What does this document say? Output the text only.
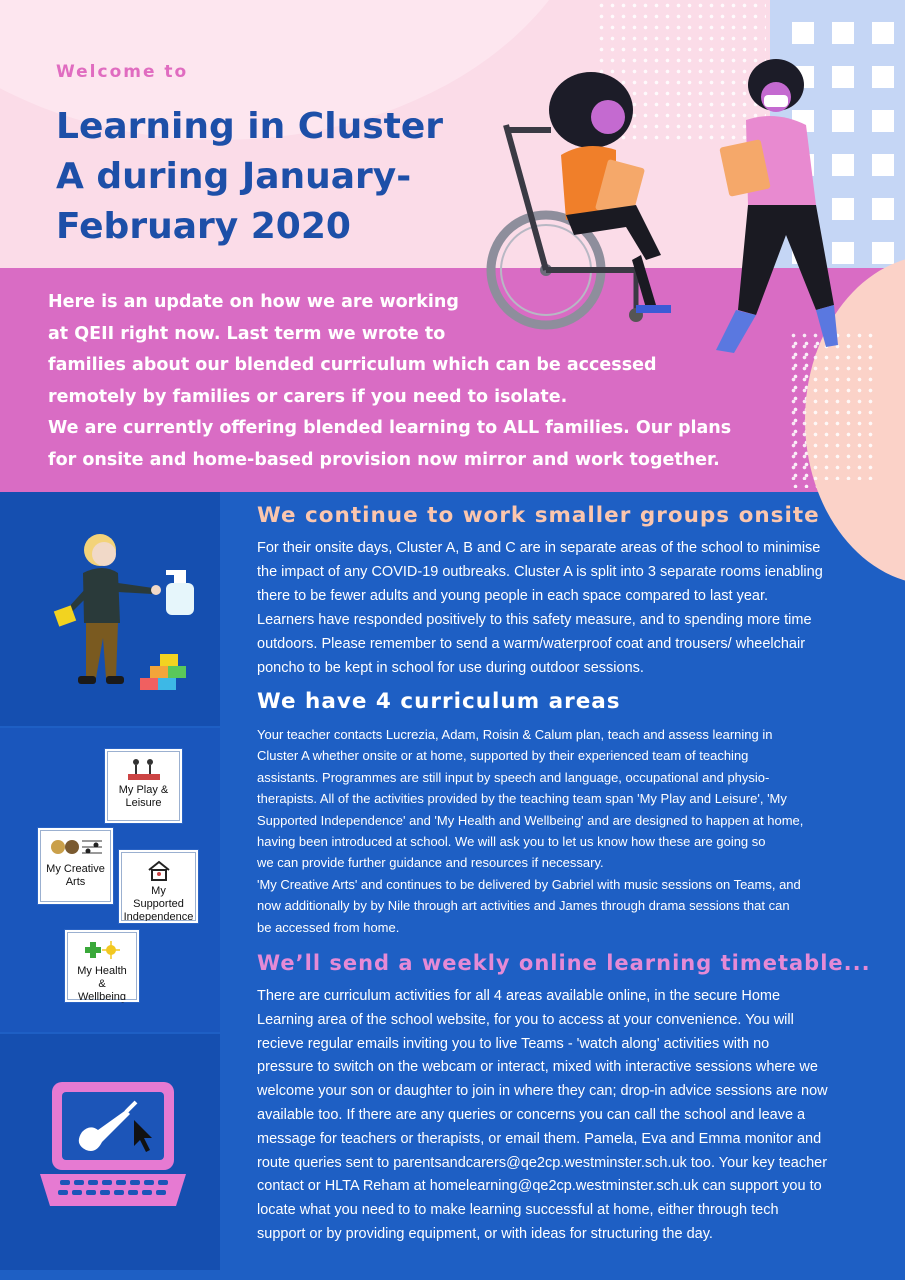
Welcome to

Learning in Cluster
A during January-
February 2020

Here is an update on how we are working
at QEII right now. Last term we wrote to
families about our blended curriculum which can be accessed
remotely by families or carers if you need to isolate.
We are currently offering blended learning to ALL families. Our plans
for onsite and home-based provision now mirror and work together.

My Play &
Leisure
My Creative
Arts
My
Supported
Independence
My Health
&
Wellbeing
We continue to work smaller groups onsite

For their onsite days, Cluster A, B and C are in separate areas of the school to minimise
the impact of any COVID-19 outbreaks. Cluster A is split into 3 separate rooms ienabling
there to be fewer adults and young people in each space compared to last year.
Learners have responded positively to this safety measure, and to spending more time
outdoors. Please remember to send a warm/waterproof coat and trousers/ wheelchair
poncho to be kept in school for use during outdoor sessions.

We have 4 curriculum areas

Your teacher contacts Lucrezia, Adam, Roisin & Calum plan, teach and assess learning in
Cluster A whether onsite or at home, supported by their experienced team of teaching
assistants. Programmes are still input by speech and language, occupational and physio-
therapists. All of the activities provided by the teaching team span 'My Play and Leisure', 'My
Supported Independence' and 'My Health and Wellbeing' and are designed to happen at home,
having been introduced at school. We will ask you to let us know how these are going so
we can provide further guidance and resources if necessary.
'My Creative Arts' and continues to be delivered by Gabriel with music sessions on Teams, and
now additionally by by Nile through art activities and James through drama sessions that can
be accessed from home.

We’ll send a weekly online learning timetable...

There are curriculum activities for all 4 areas available online, in the secure Home
Learning area of the school website, for you to access at your convenience. You will
recieve regular emails inviting you to live Teams - 'watch along' activities with no
pressure to switch on the webcam or interact, mixed with interactive sessions where we
welcome your son or daughter to join in where they can; drop-in advice sessions are now
available too. If there are any queries or concerns you can call the school and leave a
message for teachers or therapists, or email them. Pamela, Eva and Emma monitor and
route queries sent to parentsandcarers@qe2cp.westminster.sch.uk too. Your key teacher
contact or HLTA Reham at homelearning@qe2cp.westminster.sch.uk can support you to
locate what you need to to make learning successful at home, either through tech
support or by providing equipment, or with ideas for structuring the day.
